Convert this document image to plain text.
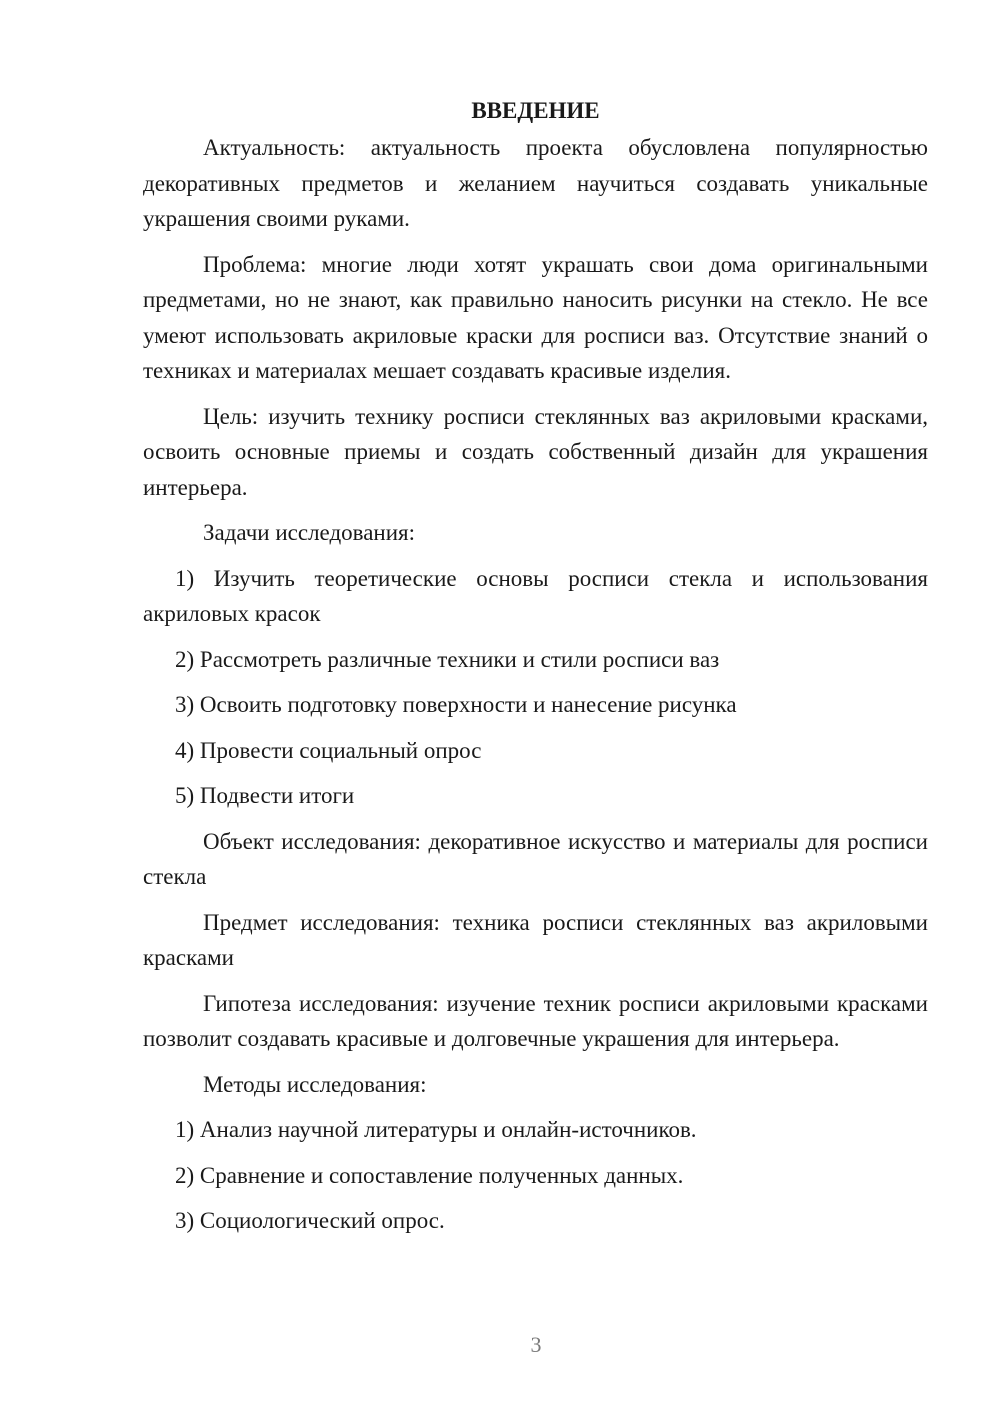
ВВЕДЕНИЕ

Актуальность: актуальность проекта обусловлена популярностью декоративных предметов и желанием научиться создавать уникальные украшения своими руками.

Проблема: многие люди хотят украшать свои дома оригинальными предметами, но не знают, как правильно наносить рисунки на стекло. Не все умеют использовать акриловые краски для росписи ваз. Отсутствие знаний о техниках и материалах мешает создавать красивые изделия.

Цель: изучить технику росписи стеклянных ваз акриловыми красками, освоить основные приемы и создать собственный дизайн для украшения интерьера.

Задачи исследования:

1) Изучить теоретические основы росписи стекла и использования акриловых красок

2) Рассмотреть различные техники и стили росписи ваз

3) Освоить подготовку поверхности и нанесение рисунка

4) Провести социальный опрос

5) Подвести итоги

Объект исследования: декоративное искусство и материалы для росписи стекла

Предмет исследования: техника росписи стеклянных ваз акриловыми красками

Гипотеза исследования: изучение техник росписи акриловыми красками позволит создавать красивые и долговечные украшения для интерьера.

Методы исследования:

1) Анализ научной литературы и онлайн-источников.

2) Сравнение и сопоставление полученных данных.

3) Социологический опрос.

3
